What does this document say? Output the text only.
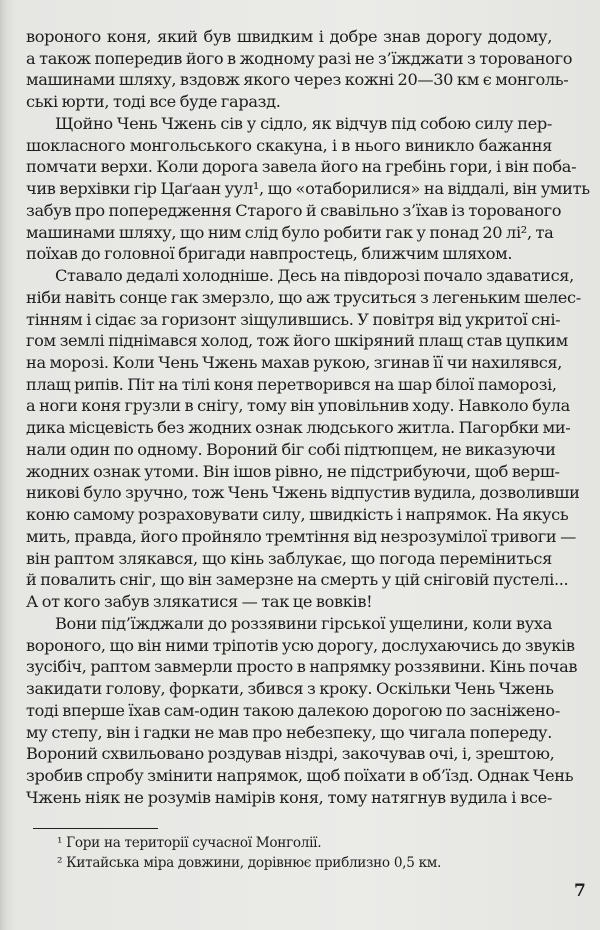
вороного коня, який був швидким і добре знав дорогу додому,
а також попередив його в жодному разі не з’їжджати з торованого
машинами шляху, вздовж якого через кожні 20—30 км є монголь-
ські юрти, тоді все буде гаразд.
Щойно Чень Чжень сів у сідло, як відчув під собою силу пер-
шокласного монгольського скакуна, і в нього виникло бажання
помчати верхи. Коли дорога завела його на гребінь гори, і він поба-
чив верхівки гір Цаґаан уул¹, що «отаборилися» на віддалі, він умить
забув про попередження Старого й свавільно з’їхав із торованого
машинами шляху, що ним слід було робити гак у понад 20 лі², та
поїхав до головної бригади навпростець, ближчим шляхом.
Ставало дедалі холодніше. Десь на півдорозі почало здаватися,
ніби навіть сонце гак змерзло, що аж труситься з легеньким шелес-
тінням і сідає за горизонт зіщулившись. У повітря від укритої сні-
гом землі піднімався холод, тож його шкіряний плащ став цупким
на морозі. Коли Чень Чжень махав рукою, згинав її чи нахилявся,
плащ рипів. Піт на тілі коня перетворився на шар білої паморозі,
а ноги коня грузли в снігу, тому він уповільнив ходу. Навколо була
дика місцевість без жодних ознак людського житла. Пагорбки ми-
нали один по одному. Вороний біг собі підтюпцем, не виказуючи
жодних ознак утоми. Він ішов рівно, не підстрибуючи, щоб верш-
никові було зручно, тож Чень Чжень відпустив вудила, дозволивши
коню самому розраховувати силу, швидкість і напрямок. На якусь
мить, правда, його пройняло тремтіння від незрозумілої тривоги —
він раптом злякався, що кінь заблукає, що погода переміниться
й повалить сніг, що він замерзне на смерть у цій сніговій пустелі...
А от кого забув злякатися — так це вовків!
Вони під’їжджали до роззявини гірської ущелини, коли вуха
вороного, що він ними тріпотів усю дорогу, дослухаючись до звуків
зусібіч, раптом завмерли просто в напрямку роззявини. Кінь почав
закидати голову, форкати, збився з кроку. Оскільки Чень Чжень
тоді вперше їхав сам-один такою далекою дорогою по засніжено-
му степу, він і гадки не мав про небезпеку, що чигала попереду.
Вороний схвильовано роздував ніздрі, закочував очі, і, зрештою,
зробив спробу змінити напрямок, щоб поїхати в об’їзд. Однак Чень
Чжень ніяк не розумів намірів коня, тому натягнув вудила і все-
¹ Гори на території сучасної Монголії.
² Китайська міра довжини, дорівнює приблизно 0,5 км.
7
